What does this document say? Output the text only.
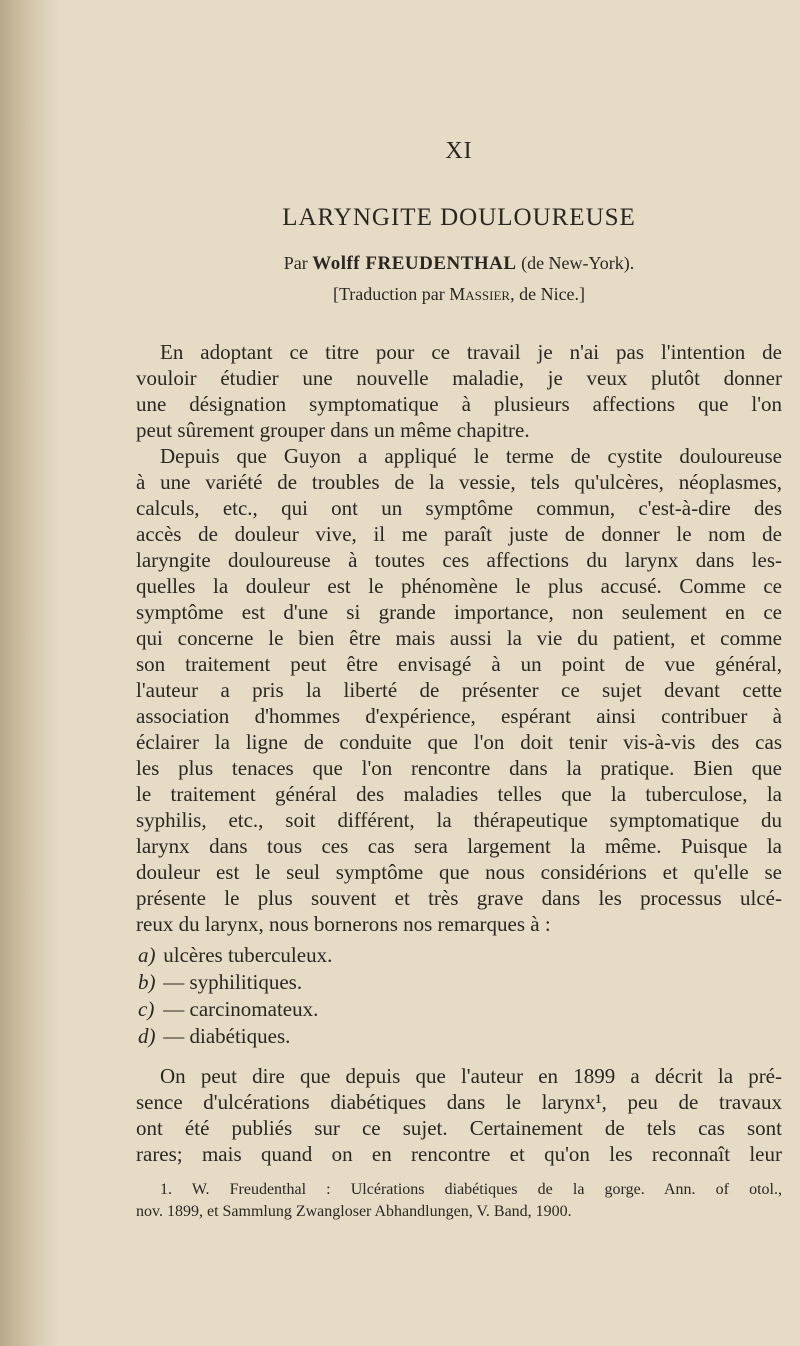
XI
LARYNGITE DOULOUREUSE
Par Wolff FREUDENTHAL (de New-York).
[Traduction par Massier, de Nice.]
En adoptant ce titre pour ce travail je n'ai pas l'intention de
vouloir étudier une nouvelle maladie, je veux plutôt donner
une désignation symptomatique à plusieurs affections que l'on
peut sûrement grouper dans un même chapitre.
Depuis que Guyon a appliqué le terme de cystite douloureuse
à une variété de troubles de la vessie, tels qu'ulcères, néoplasmes,
calculs, etc., qui ont un symptôme commun, c'est-à-dire des
accès de douleur vive, il me paraît juste de donner le nom de
laryngite douloureuse à toutes ces affections du larynx dans les-
quelles la douleur est le phénomène le plus accusé. Comme ce
symptôme est d'une si grande importance, non seulement en ce
qui concerne le bien être mais aussi la vie du patient, et comme
son traitement peut être envisagé à un point de vue général,
l'auteur a pris la liberté de présenter ce sujet devant cette
association d'hommes d'expérience, espérant ainsi contribuer à
éclairer la ligne de conduite que l'on doit tenir vis-à-vis des cas
les plus tenaces que l'on rencontre dans la pratique. Bien que
le traitement général des maladies telles que la tuberculose, la
syphilis, etc., soit différent, la thérapeutique symptomatique du
larynx dans tous ces cas sera largement la même. Puisque la
douleur est le seul symptôme que nous considérions et qu'elle se
présente le plus souvent et très grave dans les processus ulcé-
reux du larynx, nous bornerons nos remarques à :
a) ulcères tuberculeux.
b) — syphilitiques.
c) — carcinomateux.
d) — diabétiques.
On peut dire que depuis que l'auteur en 1899 a décrit la pré-
sence d'ulcérations diabétiques dans le larynx¹, peu de travaux
ont été publiés sur ce sujet. Certainement de tels cas sont
rares; mais quand on en rencontre et qu'on les reconnaît leur
1. W. Freudenthal : Ulcérations diabétiques de la gorge. Ann. of otol.,
nov. 1899, et Sammlung Zwangloser Abhandlungen, V. Band, 1900.
